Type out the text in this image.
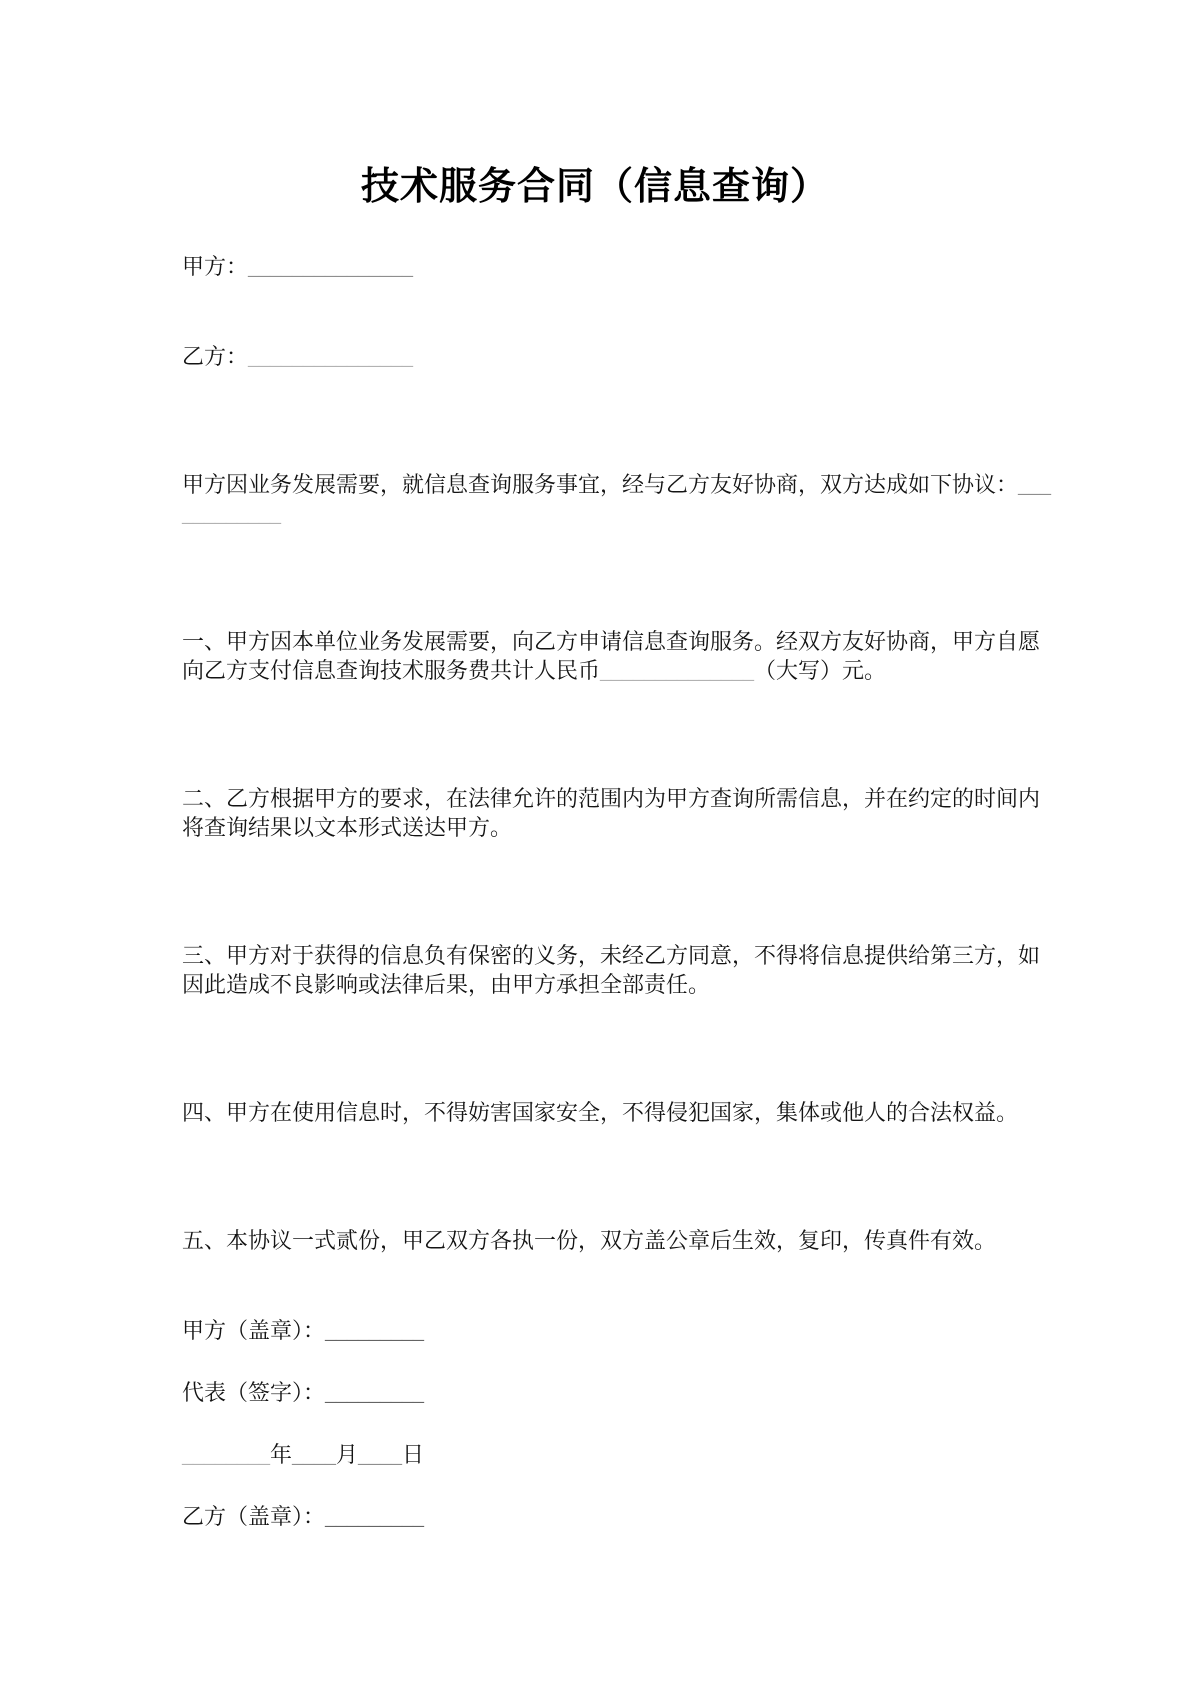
技术服务合同（信息查询）
甲方：_______________
乙方：_______________
甲方因业务发展需要，就信息查询服务事宜，经与乙方友好协商，双方达成如下协议：___
_________
一、甲方因本单位业务发展需要，向乙方申请信息查询服务。经双方友好协商，甲方自愿
向乙方支付信息查询技术服务费共计人民币______________（大写）元。
二、乙方根据甲方的要求，在法律允许的范围内为甲方查询所需信息，并在约定的时间内
将查询结果以文本形式送达甲方。
三、甲方对于获得的信息负有保密的义务，未经乙方同意，不得将信息提供给第三方，如
因此造成不良影响或法律后果，由甲方承担全部责任。
四、甲方在使用信息时，不得妨害国家安全，不得侵犯国家，集体或他人的合法权益。
五、本协议一式贰份，甲乙双方各执一份，双方盖公章后生效，复印，传真件有效。
甲方（盖章）：_________
代表（签字）：_________
________年____月____日
乙方（盖章）：_________
